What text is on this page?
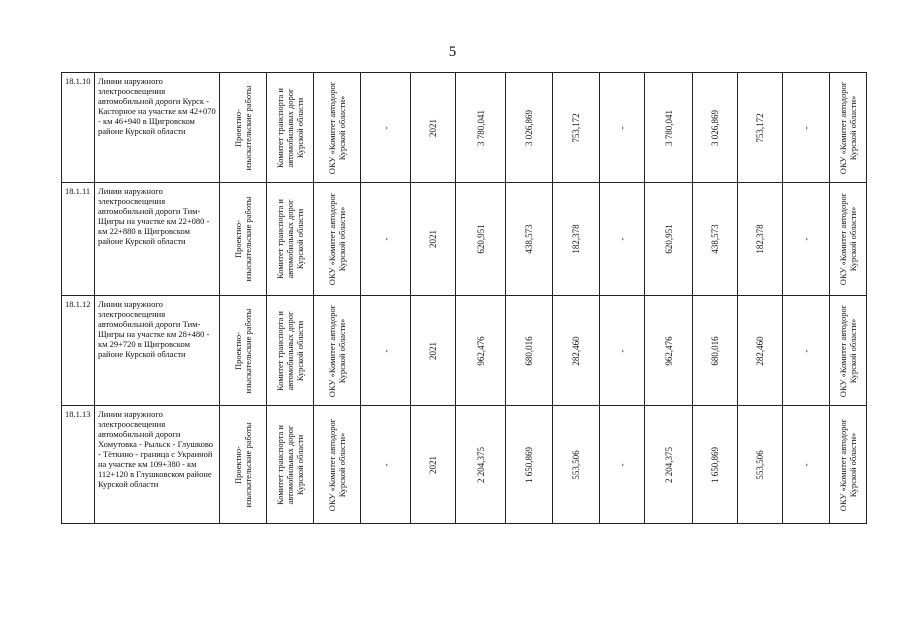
5
18.1.10	Линии наружного электроосвещения автомобильной дороги Курск - Касторное на участке км 42+070 - км 46+940 в Щигровском районе Курской области	Проектно-изыскательские работы	Комитет транспорта и автомобильных дорог Курской области	ОКУ «Комитет автодорог Курской области»	-	2021	3 780,041	3 026,869	753,172	-	3 780,041	3 026,869	753,172	-	ОКУ «Комитет автодорог Курской области»

18.1.11	Линии наружного электроосвещения автомобильной дороги Тим-Щигры на участке км 22+080 - км 22+880 в Щигровском районе Курской области	Проектно-изыскательские работы	Комитет транспорта и автомобильных дорог Курской области	ОКУ «Комитет автодорог Курской области»	-	2021	620,951	438,573	182,378	-	620,951	438,573	182,378	-	ОКУ «Комитет автодорог Курской области»

18.1.12	Линии наружного электроосвещения автомобильной дороги Тим-Щигры на участке км 28+480 - км 29+720 в Щигровском районе Курской области	Проектно-изыскательские работы	Комитет транспорта и автомобильных дорог Курской области	ОКУ «Комитет автодорог Курской области»	-	2021	962,476	680,016	282,460	-	962,476	680,016	282,460	-	ОКУ «Комитет автодорог Курской области»

18.1.13	Линии наружного электроосвещения автомобильной дороги Хомутовка - Рыльск - Глушково - Тёткино - граница с Украиной на участке км 109+380 - км 112+120 в Глушковском районе Курской области	Проектно-изыскательские работы	Комитет транспорта и автомобильных дорог Курской области	ОКУ «Комитет автодорог Курской области»	-	2021	2 204,375	1 650,869	553,506	-	2 204,375	1 650,869	553,506	-	ОКУ «Комитет автодорог Курской области»
